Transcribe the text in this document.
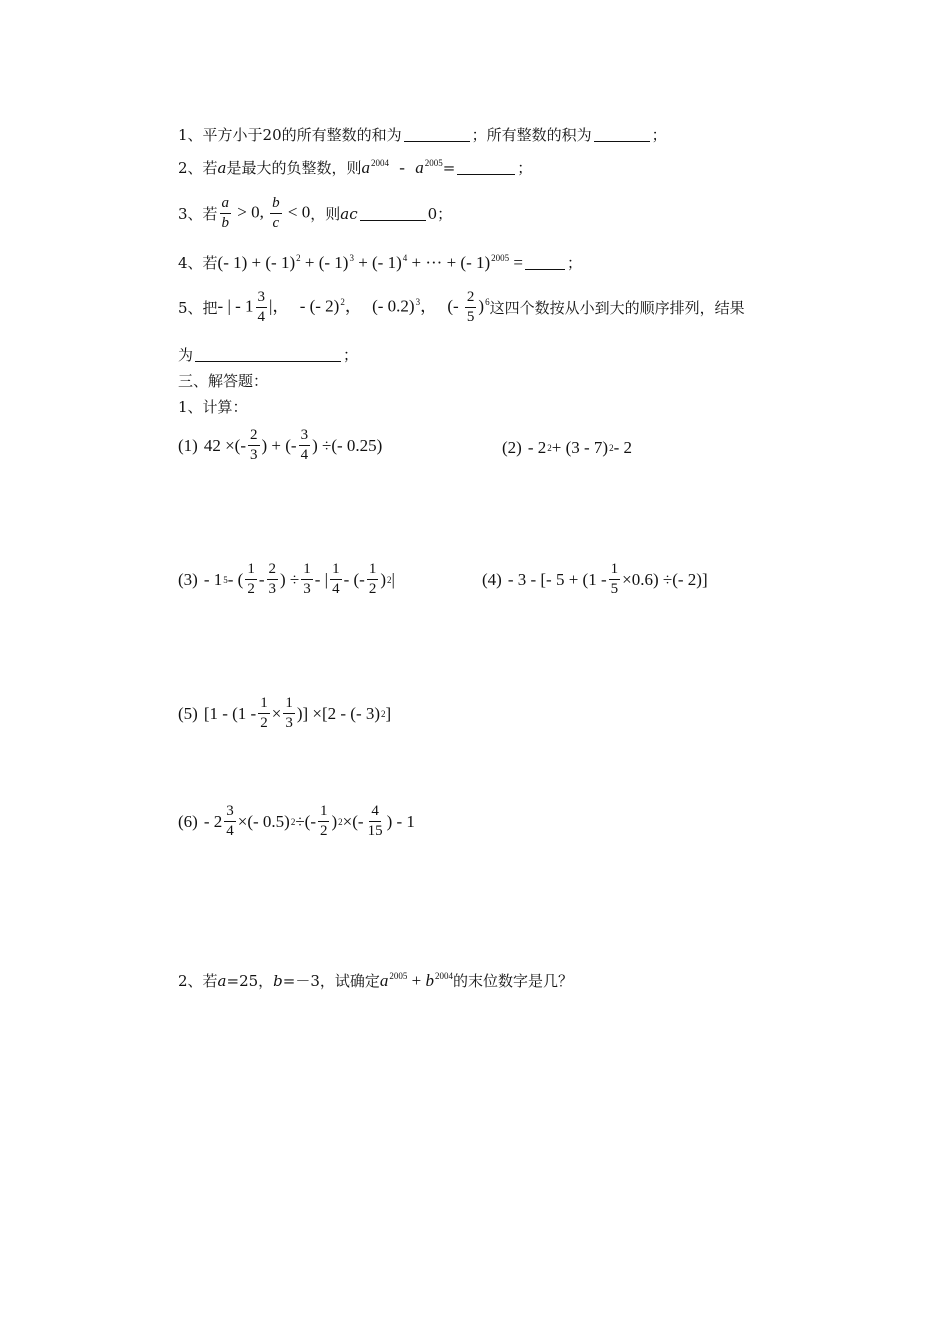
1、平方小于20的所有整数的和为	；所有整数的积为	；
2、若 a 是最大的负整数，则 $a^{2004} - a^{2005}$ =	；
3、若 $\frac{a}{b} > 0$, $\frac{b}{c} < 0$ ，则 ac	0 ；
4、若 (- 1) + (- 1)$^2$ + (- 1)$^3$ + (- 1)$^4$ + ··· + (- 1)$^{2005}$ =	；
5、把 - | - $1 \frac{3}{4}$ |， - (- 2)$^2$， (- 0.2)$^3$， (- $\frac{2}{5} )^6$ 这四个数按从小到大的顺序排列，结果
为	；
三、解答题：
1、计算：
(1) 42 ×(- $\frac{2}{3}$ ) + (- $\frac{3}{4}$ ) ÷(- 0.25)	(2) - 2 2 + (3 - 7) 2 - 2
(3) - 1 5 - ( $\frac{1}{2} - \frac{2}{3}$ ) ÷ $\frac{1}{3}$ - | $\frac{1}{4}$ - (- $\frac{1}{2}$ ) 2 |	(4) - 3 - [- $5 + (1 - \frac{1}{5} \times 0.6)$ ÷(- 2)]
(5) [$1 - (1 - \frac{1}{2} \times \frac{1}{3}$ )] ×[2 - (- 3) 2 ]
$(6) - 2 \frac{3}{4}$ ×(- 0.5) 2 ÷(- $\frac{1}{2}$ ) 2 ×(- $\frac{4}{15}$ ) - 1
2、若 a =25， b =－3，试确定 $a^{2005} + b^{2004}$ 的末位数字是几？
